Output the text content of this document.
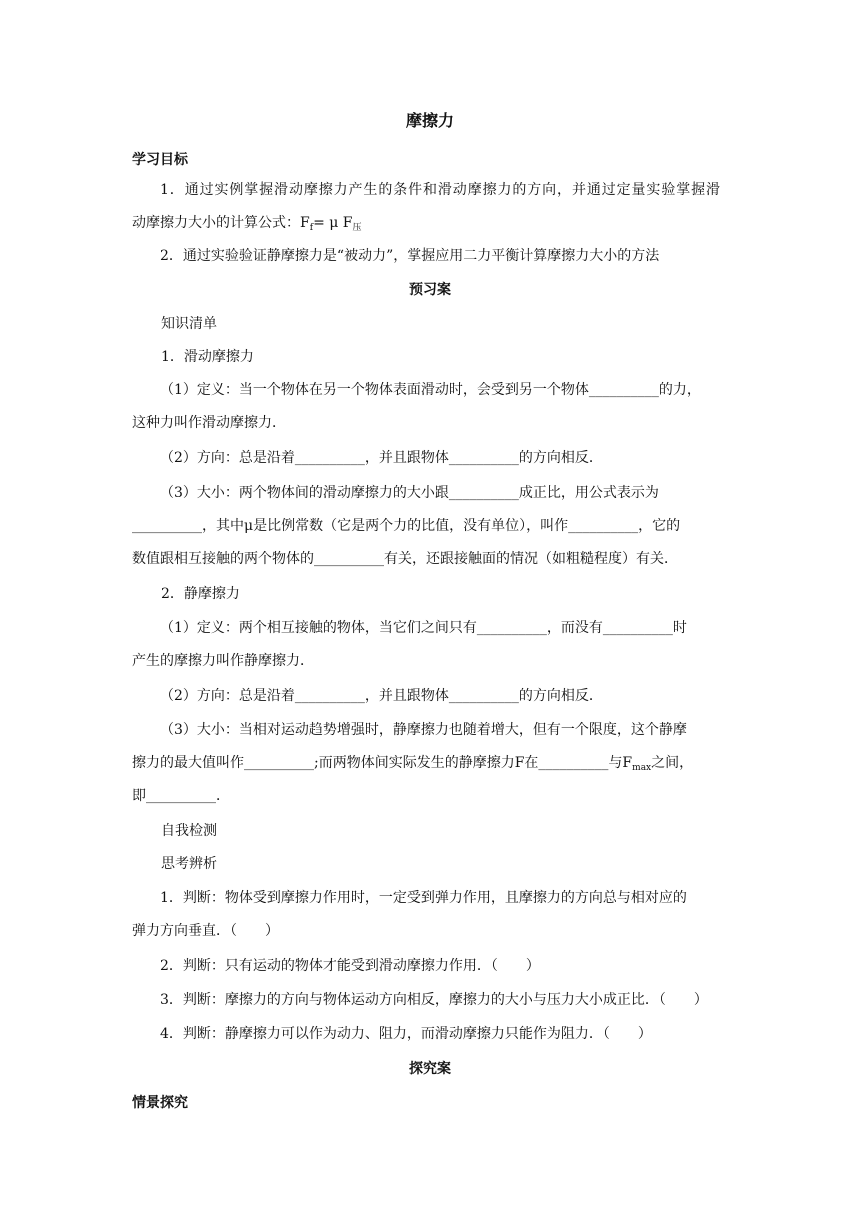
摩擦力
学习目标
1．通过实例掌握滑动摩擦力产生的条件和滑动摩擦力的方向，并通过定量实验掌握滑
动摩擦力大小的计算公式：$F_f= \mu$ $F_压$
2．通过实验验证静摩擦力是“被动力”，掌握应用二力平衡计算摩擦力大小的方法
预习案
知识清单
1．滑动摩擦力
（1）定义：当一个物体在另一个物体表面滑动时，会受到另一个物体__________的力，
这种力叫作滑动摩擦力．
（2）方向：总是沿着__________，并且跟物体__________的方向相反．
（3）大小：两个物体间的滑动摩擦力的大小跟__________成正比，用公式表示为
__________，其中μ是比例常数（它是两个力的比值，没有单位），叫作__________，它的
数值跟相互接触的两个物体的__________有关，还跟接触面的情况（如粗糙程度）有关．
2．静摩擦力
（1）定义：两个相互接触的物体，当它们之间只有__________，而没有__________时
产生的摩擦力叫作静摩擦力．
（2）方向：总是沿着__________，并且跟物体__________的方向相反．
（3）大小：当相对运动趋势增强时，静摩擦力也随着增大，但有一个限度，这个静摩
擦力的最大值叫作__________;而两物体间实际发生的静摩擦力F在__________与$F_{max}$之间，
即__________．
自我检测
思考辨析
1．判断：物体受到摩擦力作用时，一定受到弹力作用，且摩擦力的方向总与相对应的
弹力方向垂直．（　　）
2．判断：只有运动的物体才能受到滑动摩擦力作用．（　　）
3．判断：摩擦力的方向与物体运动方向相反，摩擦力的大小与压力大小成正比．（　　）
4．判断：静摩擦力可以作为动力、阻力，而滑动摩擦力只能作为阻力．（　　）
探究案
情景探究
